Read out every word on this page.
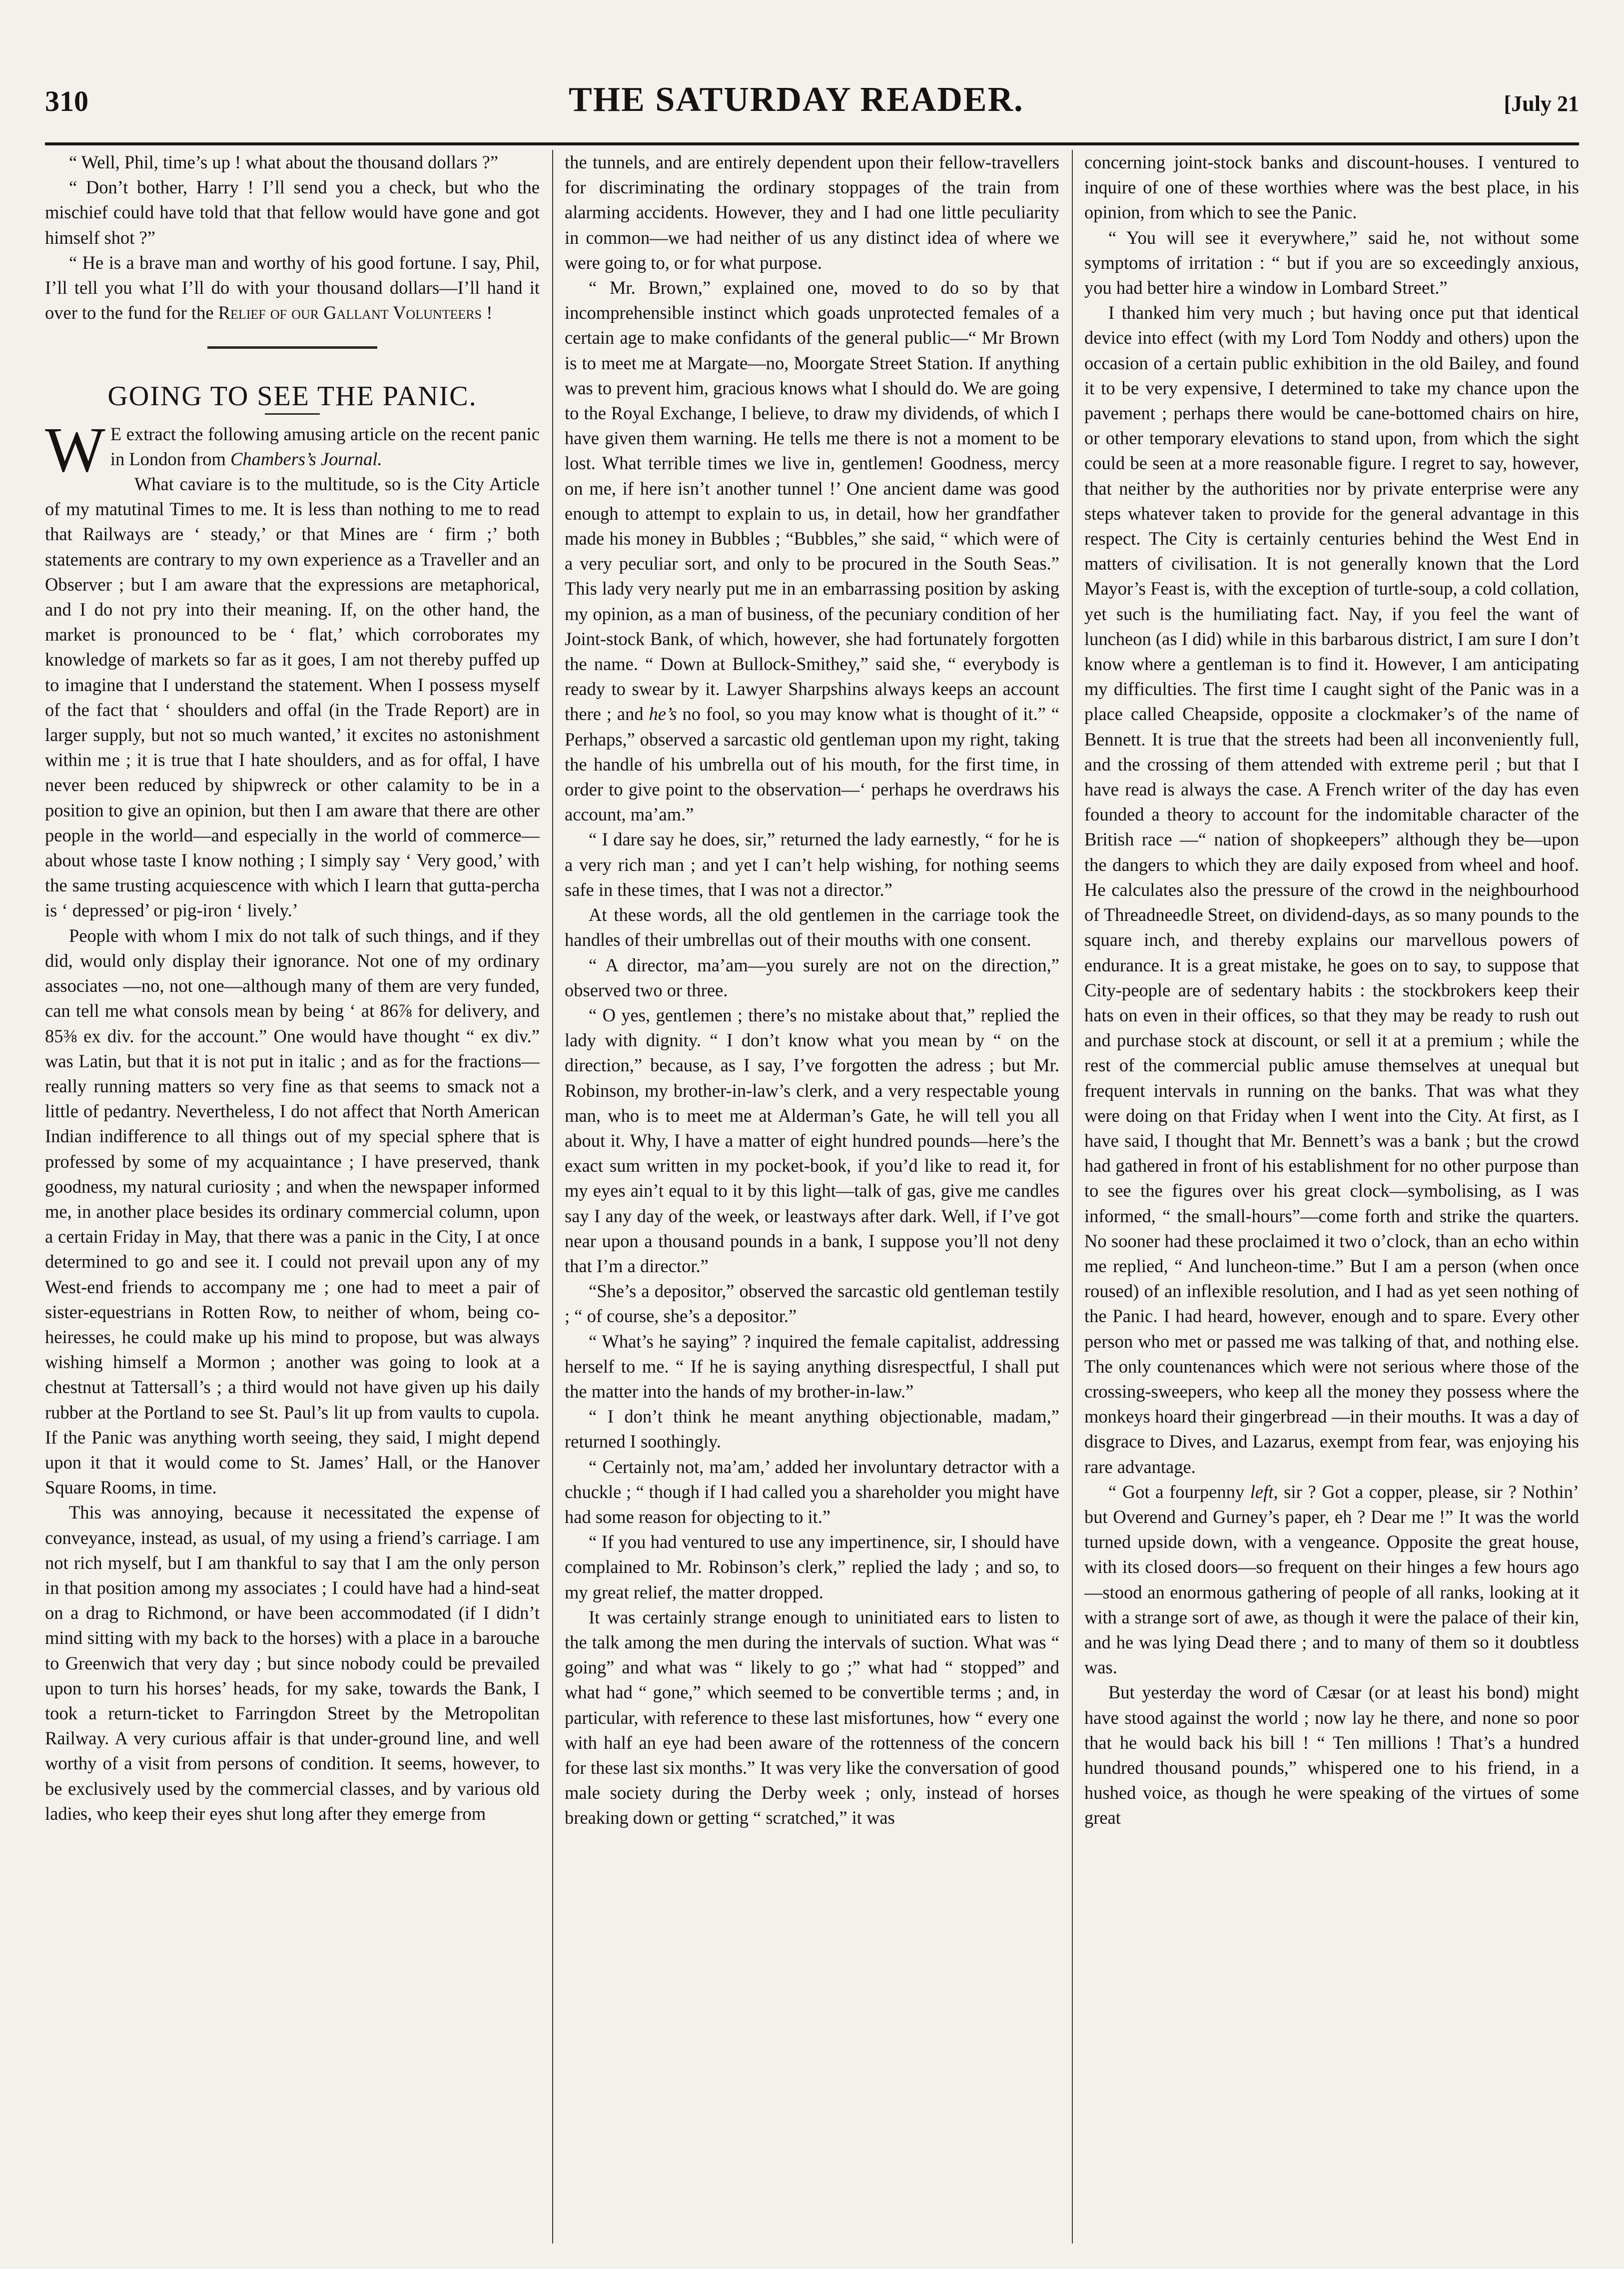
310	THE SATURDAY READER.	[July 21

“ Well, Phil, time’s up ! what about the thousand dollars ?”

“ Don’t bother, Harry ! I’ll send you a check, but who the mischief could have told that that fellow would have gone and got himself shot ?”

“ He is a brave man and worthy of his good fortune. I say, Phil, I’ll tell you what I’ll do with your thousand dollars—I’ll hand it over to the fund for the Relief of our Gallant Volunteers !

GOING TO SEE THE PANIC.

W E extract the following amusing article on the recent panic in London from Chambers’s Journal.

What caviare is to the multitude, so is the City Article of my matutinal Times to me. It is less than nothing to me to read that Railways are ‘ steady,’ or that Mines are ‘ firm ;’ both statements are contrary to my own experience as a Traveller and an Observer ; but I am aware that the expressions are metaphorical, and I do not pry into their meaning. If, on the other hand, the market is pronounced to be ‘ flat,’ which corroborates my knowledge of markets so far as it goes, I am not thereby puffed up to imagine that I understand the statement. When I possess myself of the fact that ‘ shoulders and offal (in the Trade Report) are in larger supply, but not so much wanted,’ it excites no astonishment within me ; it is true that I hate shoulders, and as for offal, I have never been reduced by shipwreck or other calamity to be in a position to give an opinion, but then I am aware that there are other people in the world—and especially in the world of commerce—about whose taste I know nothing ; I simply say ‘ Very good,’ with the same trusting acquiescence with which I learn that gutta-percha is ‘ depressed’ or pig-iron ‘ lively.’

People with whom I mix do not talk of such things, and if they did, would only display their ignorance. Not one of my ordinary associates —no, not one—although many of them are very funded, can tell me what consols mean by being ‘ at 86⅞ for delivery, and 85⅜ ex div. for the account.” One would have thought “ ex div.” was Latin, but that it is not put in italic ; and as for the fractions—really running matters so very fine as that seems to smack not a little of pedantry. Nevertheless, I do not affect that North American Indian indifference to all things out of my special sphere that is professed by some of my acquaintance ; I have preserved, thank goodness, my natural curiosity ; and when the newspaper informed me, in another place besides its ordinary commercial column, upon a certain Friday in May, that there was a panic in the City, I at once determined to go and see it. I could not prevail upon any of my West-end friends to accompany me ; one had to meet a pair of sister-equestrians in Rotten Row, to neither of whom, being co-heiresses, he could make up his mind to propose, but was always wishing himself a Mormon ; another was going to look at a chestnut at Tattersall’s ; a third would not have given up his daily rubber at the Portland to see St. Paul’s lit up from vaults to cupola. If the Panic was anything worth seeing, they said, I might depend upon it that it would come to St. James’ Hall, or the Hanover Square Rooms, in time.

This was annoying, because it necessitated the expense of conveyance, instead, as usual, of my using a friend’s carriage. I am not rich myself, but I am thankful to say that I am the only person in that position among my associates ; I could have had a hind-seat on a drag to Richmond, or have been accommodated (if I didn’t mind sitting with my back to the horses) with a place in a barouche to Greenwich that very day ; but since nobody could be prevailed upon to turn his horses’ heads, for my sake, towards the Bank, I took a return-ticket to Farringdon Street by the Metropolitan Railway. A very curious affair is that under-ground line, and well worthy of a visit from persons of condition. It seems, however, to be exclusively used by the commercial classes, and by various old ladies, who keep their eyes shut long after they emerge from

the tunnels, and are entirely dependent upon their fellow-travellers for discriminating the ordinary stoppages of the train from alarming accidents. However, they and I had one little peculiarity in common—we had neither of us any distinct idea of where we were going to, or for what purpose.

“ Mr. Brown,” explained one, moved to do so by that incomprehensible instinct which goads unprotected females of a certain age to make confidants of the general public—“ Mr Brown is to meet me at Margate—no, Moorgate Street Station. If anything was to prevent him, gracious knows what I should do. We are going to the Royal Exchange, I believe, to draw my dividends, of which I have given them warning. He tells me there is not a moment to be lost. What terrible times we live in, gentlemen! Goodness, mercy on me, if here isn’t another tunnel !’ One ancient dame was good enough to attempt to explain to us, in detail, how her grandfather made his money in Bubbles ; “Bubbles,” she said, “ which were of a very peculiar sort, and only to be procured in the South Seas.” This lady very nearly put me in an embarrassing position by asking my opinion, as a man of business, of the pecuniary condition of her Joint-stock Bank, of which, however, she had fortunately forgotten the name. “ Down at Bullock-Smithey,” said she, “ everybody is ready to swear by it. Lawyer Sharpshins always keeps an account there ; and he’s no fool, so you may know what is thought of it.” “ Perhaps,” observed a sarcastic old gentleman upon my right, taking the handle of his umbrella out of his mouth, for the first time, in order to give point to the observation—‘ perhaps he overdraws his account, ma’am.”

“ I dare say he does, sir,” returned the lady earnestly, “ for he is a very rich man ; and yet I can’t help wishing, for nothing seems safe in these times, that I was not a director.”

At these words, all the old gentlemen in the carriage took the handles of their umbrellas out of their mouths with one consent.

“ A director, ma’am—you surely are not on the direction,” observed two or three.

“ O yes, gentlemen ; there’s no mistake about that,” replied the lady with dignity. “ I don’t know what you mean by “ on the direction,” because, as I say, I’ve forgotten the adress ; but Mr. Robinson, my brother-in-law’s clerk, and a very respectable young man, who is to meet me at Alderman’s Gate, he will tell you all about it. Why, I have a matter of eight hundred pounds—here’s the exact sum written in my pocket-book, if you’d like to read it, for my eyes ain’t equal to it by this light—talk of gas, give me candles say I any day of the week, or leastways after dark. Well, if I’ve got near upon a thousand pounds in a bank, I suppose you’ll not deny that I’m a director.”

“She’s a depositor,” observed the sarcastic old gentleman testily ; “ of course, she’s a depositor.”

“ What’s he saying” ? inquired the female capitalist, addressing herself to me. “ If he is saying anything disrespectful, I shall put the matter into the hands of my brother-in-law.”

“ I don’t think he meant anything objectionable, madam,” returned I soothingly.

“ Certainly not, ma’am,’ added her involuntary detractor with a chuckle ; “ though if I had called you a shareholder you might have had some reason for objecting to it.”

“ If you had ventured to use any impertinence, sir, I should have complained to Mr. Robinson’s clerk,” replied the lady ; and so, to my great relief, the matter dropped.

It was certainly strange enough to uninitiated ears to listen to the talk among the men during the intervals of suction. What was “ going” and what was “ likely to go ;” what had “ stopped” and what had “ gone,” which seemed to be convertible terms ; and, in particular, with reference to these last misfortunes, how “ every one with half an eye had been aware of the rottenness of the concern for these last six months.” It was very like the conversation of good male society during the Derby week ; only, instead of horses breaking down or getting “ scratched,” it was

concerning joint-stock banks and discount-houses. I ventured to inquire of one of these worthies where was the best place, in his opinion, from which to see the Panic.

“ You will see it everywhere,” said he, not without some symptoms of irritation : “ but if you are so exceedingly anxious, you had better hire a window in Lombard Street.”

I thanked him very much ; but having once put that identical device into effect (with my Lord Tom Noddy and others) upon the occasion of a certain public exhibition in the old Bailey, and found it to be very expensive, I determined to take my chance upon the pavement ; perhaps there would be cane-bottomed chairs on hire, or other temporary elevations to stand upon, from which the sight could be seen at a more reasonable figure. I regret to say, however, that neither by the authorities nor by private enterprise were any steps whatever taken to provide for the general advantage in this respect. The City is certainly centuries behind the West End in matters of civilisation. It is not generally known that the Lord Mayor’s Feast is, with the exception of turtle-soup, a cold collation, yet such is the humiliating fact. Nay, if you feel the want of luncheon (as I did) while in this barbarous district, I am sure I don’t know where a gentleman is to find it. However, I am anticipating my difficulties. The first time I caught sight of the Panic was in a place called Cheapside, opposite a clockmaker’s of the name of Bennett. It is true that the streets had been all inconveniently full, and the crossing of them attended with extreme peril ; but that I have read is always the case. A French writer of the day has even founded a theory to account for the indomitable character of the British race —“ nation of shopkeepers” although they be—upon the dangers to which they are daily exposed from wheel and hoof. He calculates also the pressure of the crowd in the neighbourhood of Threadneedle Street, on dividend-days, as so many pounds to the square inch, and thereby explains our marvellous powers of endurance. It is a great mistake, he goes on to say, to suppose that City-people are of sedentary habits : the stockbrokers keep their hats on even in their offices, so that they may be ready to rush out and purchase stock at discount, or sell it at a premium ; while the rest of the commercial public amuse themselves at unequal but frequent intervals in running on the banks. That was what they were doing on that Friday when I went into the City. At first, as I have said, I thought that Mr. Bennett’s was a bank ; but the crowd had gathered in front of his establishment for no other purpose than to see the figures over his great clock—symbolising, as I was informed, “ the small-hours”—come forth and strike the quarters. No sooner had these proclaimed it two o’clock, than an echo within me replied, “ And luncheon-time.” But I am a person (when once roused) of an inflexible resolution, and I had as yet seen nothing of the Panic. I had heard, however, enough and to spare. Every other person who met or passed me was talking of that, and nothing else. The only countenances which were not serious where those of the crossing-sweepers, who keep all the money they possess where the monkeys hoard their gingerbread —in their mouths. It was a day of disgrace to Dives, and Lazarus, exempt from fear, was enjoying his rare advantage.

“ Got a fourpenny left, sir ? Got a copper, please, sir ? Nothin’ but Overend and Gurney’s paper, eh ? Dear me !” It was the world turned upside down, with a vengeance. Opposite the great house, with its closed doors—so frequent on their hinges a few hours ago—stood an enormous gathering of people of all ranks, looking at it with a strange sort of awe, as though it were the palace of their kin, and he was lying Dead there ; and to many of them so it doubtless was.

But yesterday the word of Cæsar (or at least his bond) might have stood against the world ; now lay he there, and none so poor that he would back his bill ! “ Ten millions ! That’s a hundred hundred thousand pounds,” whispered one to his friend, in a hushed voice, as though he were speaking of the virtues of some great
